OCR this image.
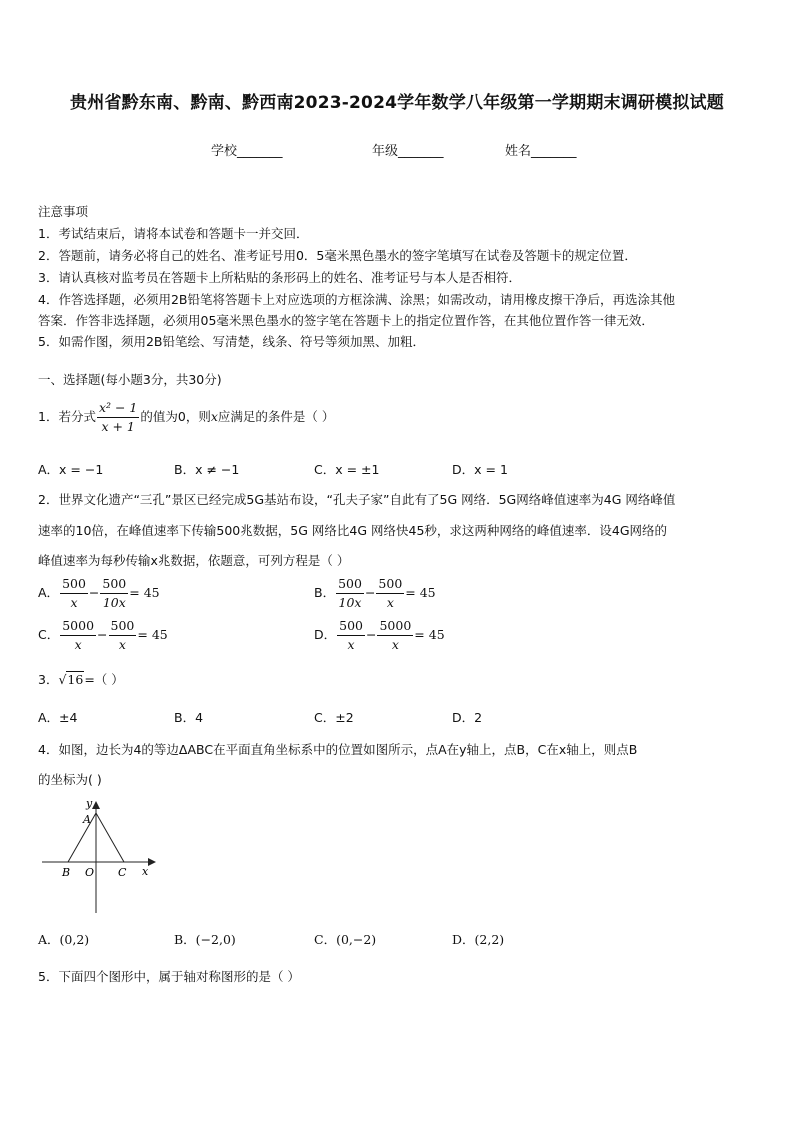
贵州省黔东南、黔南、黔西南2023-2024学年数学八年级第一学期期末调研模拟试题
学校_______	年级_______	姓名_______
注意事项
1．考试结束后，请将本试卷和答题卡一并交回．
2．答题前，请务必将自己的姓名、准考证号用0．5毫米黑色墨水的签字笔填写在试卷及答题卡的规定位置．
3．请认真核对监考员在答题卡上所粘贴的条形码上的姓名、准考证号与本人是否相符．
4．作答选择题，必须用2B铅笔将答题卡上对应选项的方框涂满、涂黑；如需改动，请用橡皮擦干净后，再选涂其他
答案．作答非选择题，必须用05毫米黑色墨水的签字笔在答题卡上的指定位置作答，在其他位置作答一律无效．
5．如需作图，须用2B铅笔绘、写清楚，线条、符号等须加黑、加粗．
一、选择题(每小题3分，共30分)
1．若分式 $\frac{\text{x² − 1}}{x + 1}$ 的值为0，则x应满足的条件是（ ）
A．x = −1	B．x ≠ −1	C．x = ±1	D．x = 1
2．世界文化遗产“三孔”景区已经完成5G基站布设，“孔夫子家”自此有了5G 网络．5G网络峰值速率为4G 网络峰值
速率的10倍，在峰值速率下传输500兆数据，5G 网络比4G 网络快45秒，求这两种网络的峰值速率．设4G网络的
峰值速率为每秒传输x兆数据，依题意，可列方程是（ ）
A． $\frac{500}{x} - \frac{500}{10x} = 45$	B． $\frac{500}{10x} - \frac{500}{x} = 45$
C． $\frac{5000}{x} - \frac{500}{x} = 45$	D． $\frac{500}{x} - \frac{5000}{x} = 45$
3．√16=（ ）
A．±4	B．4	C．±2	D．2
4．如图，边长为4的等边ΔABC在平面直角坐标系中的位置如图所示，点A在y轴上，点B，C在x轴上，则点B
的坐标为( )
A
B O C x
y
A．(0,2)	B．(−2,0)	C．(0,−2)	D．(2,2)
5．下面四个图形中，属于轴对称图形的是（ ）
